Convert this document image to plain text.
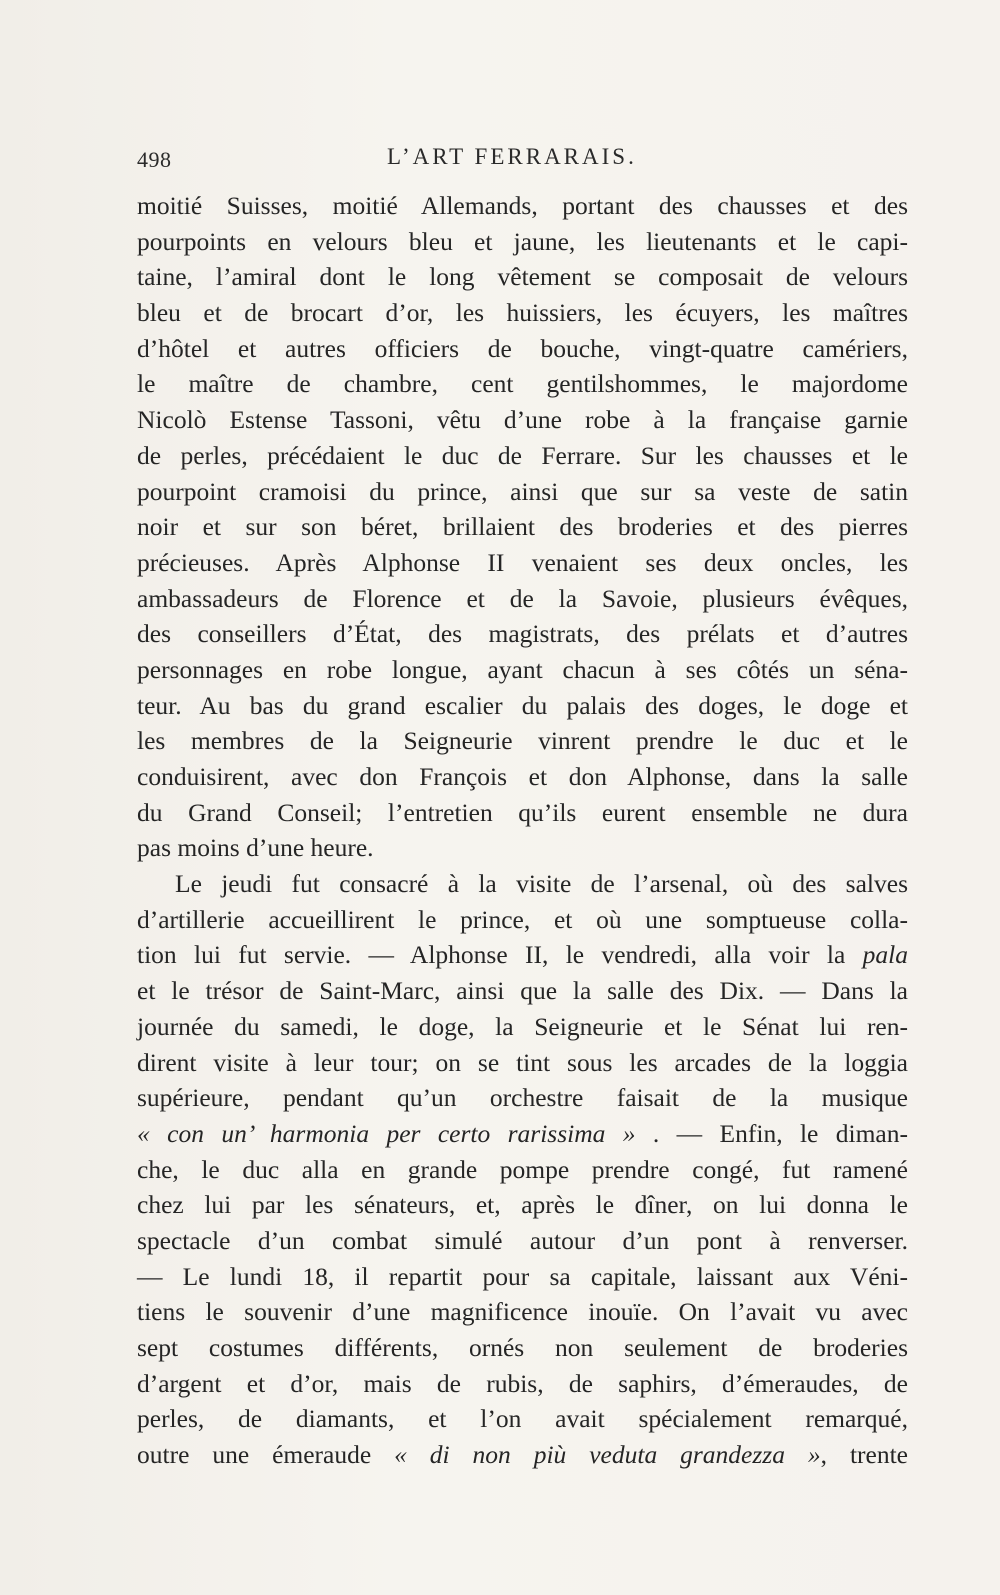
498	L’ART FERRARAIS.
moitié Suisses, moitié Allemands, portant des chausses et des
pourpoints en velours bleu et jaune, les lieutenants et le capi-
taine, l’amiral dont le long vêtement se composait de velours
bleu et de brocart d’or, les huissiers, les écuyers, les maîtres
d’hôtel et autres officiers de bouche, vingt-quatre camériers,
le maître de chambre, cent gentilshommes, le majordome
Nicolò Estense Tassoni, vêtu d’une robe à la française garnie
de perles, précédaient le duc de Ferrare. Sur les chausses et le
pourpoint cramoisi du prince, ainsi que sur sa veste de satin
noir et sur son béret, brillaient des broderies et des pierres
précieuses. Après Alphonse II venaient ses deux oncles, les
ambassadeurs de Florence et de la Savoie, plusieurs évêques,
des conseillers d’État, des magistrats, des prélats et d’autres
personnages en robe longue, ayant chacun à ses côtés un séna-
teur. Au bas du grand escalier du palais des doges, le doge et
les membres de la Seigneurie vinrent prendre le duc et le
conduisirent, avec don François et don Alphonse, dans la salle
du Grand Conseil; l’entretien qu’ils eurent ensemble ne dura
pas moins d’une heure.
Le jeudi fut consacré à la visite de l’arsenal, où des salves
d’artillerie accueillirent le prince, et où une somptueuse colla-
tion lui fut servie. — Alphonse II, le vendredi, alla voir la pala
et le trésor de Saint-Marc, ainsi que la salle des Dix. — Dans la
journée du samedi, le doge, la Seigneurie et le Sénat lui ren-
dirent visite à leur tour; on se tint sous les arcades de la loggia
supérieure, pendant qu’un orchestre faisait de la musique
« con un’ harmonia per certo rarissima » . — Enfin, le diman-
che, le duc alla en grande pompe prendre congé, fut ramené
chez lui par les sénateurs, et, après le dîner, on lui donna le
spectacle d’un combat simulé autour d’un pont à renverser.
— Le lundi 18, il repartit pour sa capitale, laissant aux Véni-
tiens le souvenir d’une magnificence inouïe. On l’avait vu avec
sept costumes différents, ornés non seulement de broderies
d’argent et d’or, mais de rubis, de saphirs, d’émeraudes, de
perles, de diamants, et l’on avait spécialement remarqué,
outre une émeraude « di non più veduta grandezza », trente
